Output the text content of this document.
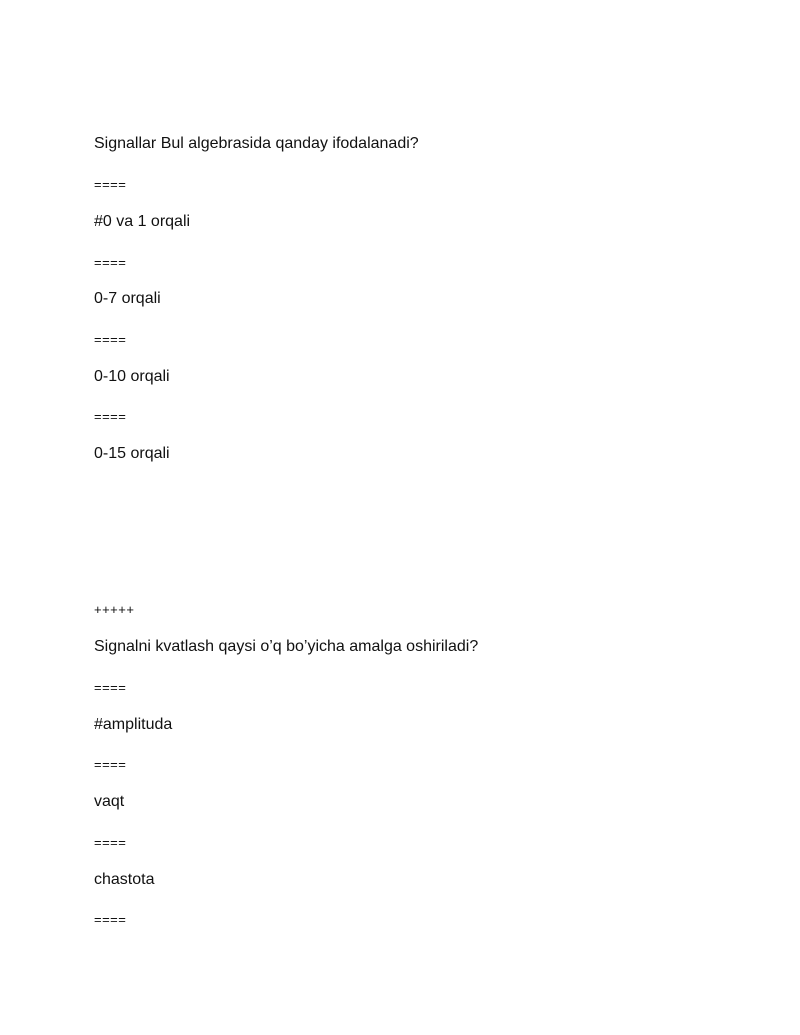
Signallar Bul algebrasida qanday ifodalanadi?
====
#0 va 1 orqali
====
0-7 orqali
====
0-10 orqali
====
0-15 orqali
+++++
Signalni kvatlash qaysi o’q bo’yicha amalga oshiriladi?
====
#amplituda
====
vaqt
====
chastota
====
